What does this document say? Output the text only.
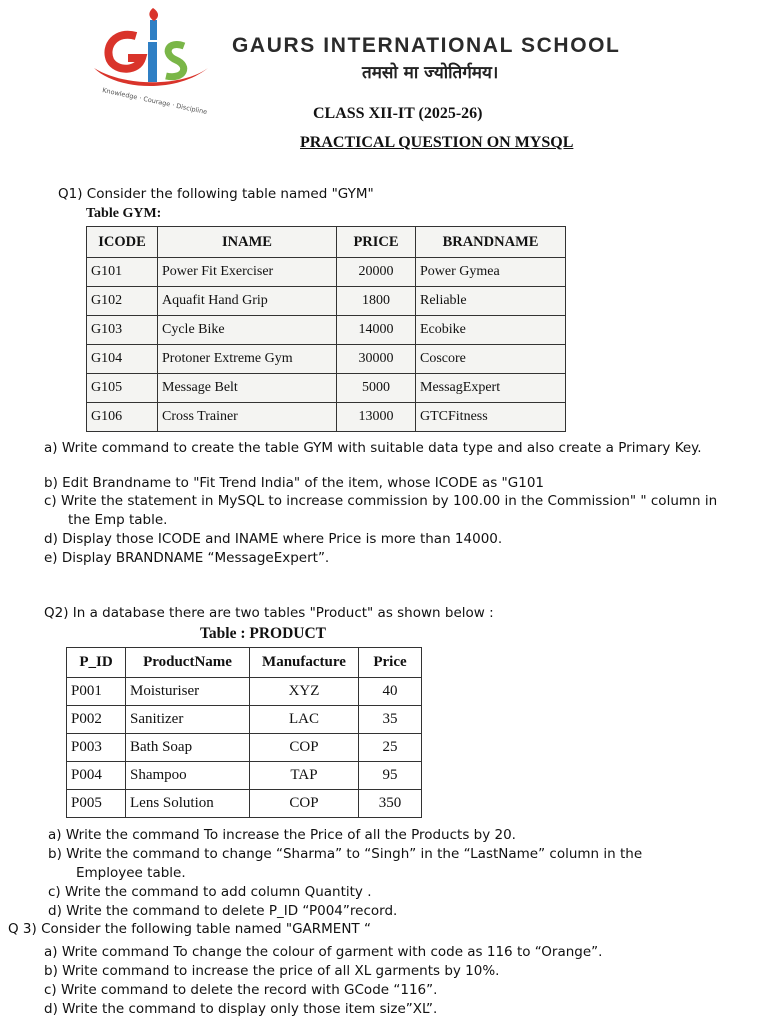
Knowledge · Courage · Discipline
GAURS INTERNATIONAL SCHOOL
तमसो मा ज्योतिर्गमय।
CLASS XII-IT (2025-26)
PRACTICAL QUESTION ON MYSQL
Q1) Consider the following table named "GYM"
Table GYM:
ICODE	INAME	PRICE	BRANDNAME
G101	Power Fit Exerciser	20000	Power Gymea
G102	Aquafit Hand Grip	1800	Reliable
G103	Cycle Bike	14000	Ecobike
G104	Protoner Extreme Gym	30000	Coscore
G105	Message Belt	5000	MessagExpert
G106	Cross Trainer	13000	GTCFitness
a) Write command to create the table GYM with suitable data type and also create a Primary Key.
b) Edit Brandname to "Fit Trend India" of the item, whose ICODE as "G101
c) Write the statement in MySQL to increase commission by 100.00 in the Commission" " column in
the Emp table.
d) Display those ICODE and INAME where Price is more than 14000.
e) Display BRANDNAME “MessageExpert”.
Q2) In a database there are two tables "Product" as shown below :
Table : PRODUCT
P_ID	ProductName	Manufacture	Price
P001	Moisturiser	XYZ	40
P002	Sanitizer	LAC	35
P003	Bath Soap	COP	25
P004	Shampoo	TAP	95
P005	Lens Solution	COP	350
a) Write the command To increase the Price of all the Products by 20.
b) Write the command to change “Sharma” to “Singh” in the “LastName” column in the
Employee table.
c) Write the command to add column Quantity .
d) Write the command to delete P_ID “P004”record.
Q 3) Consider the following table named "GARMENT “
a) Write command To change the colour of garment with code as 116 to “Orange”.
b) Write command to increase the price of all XL garments by 10%.
c) Write command to delete the record with GCode “116”.
d) Write the command to display only those item size”XL”.
